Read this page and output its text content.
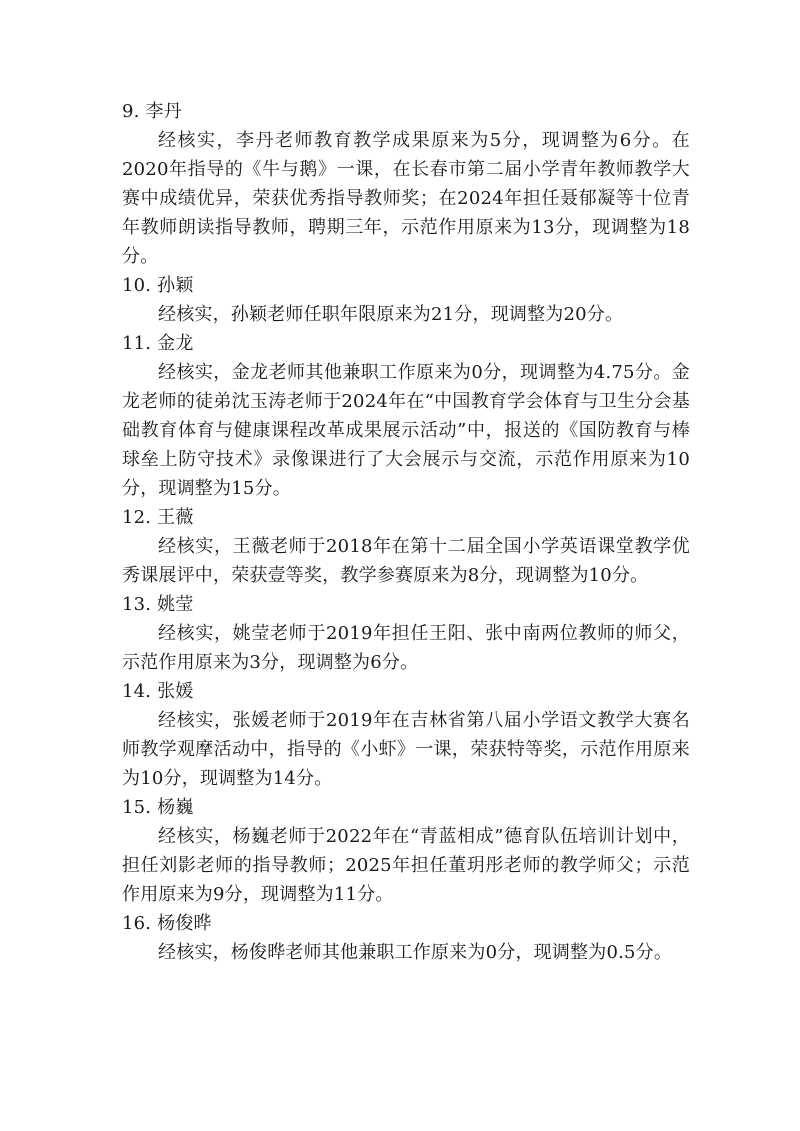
9. 李丹

经核实，李丹老师教育教学成果原来为5分，现调整为6分。在2020年指导的《牛与鹅》一课，在长春市第二届小学青年教师教学大赛中成绩优异，荣获优秀指导教师奖；在2024年担任聂郁凝等十位青年教师朗读指导教师，聘期三年，示范作用原来为13分，现调整为18分。

10. 孙颖

经核实，孙颖老师任职年限原来为21分，现调整为20分。

11. 金龙

经核实，金龙老师其他兼职工作原来为0分，现调整为4.75分。金龙老师的徒弟沈玉涛老师于2024年在“中国教育学会体育与卫生分会基础教育体育与健康课程改革成果展示活动”中，报送的《国防教育与棒球垒上防守技术》录像课进行了大会展示与交流，示范作用原来为10分，现调整为15分。

12. 王薇

经核实，王薇老师于2018年在第十二届全国小学英语课堂教学优秀课展评中，荣获壹等奖，教学参赛原来为8分，现调整为10分。

13. 姚莹

经核实，姚莹老师于2019年担任王阳、张中南两位教师的师父，示范作用原来为3分，现调整为6分。

14. 张媛

经核实，张媛老师于2019年在吉林省第八届小学语文教学大赛名师教学观摩活动中，指导的《小虾》一课，荣获特等奖，示范作用原来为10分，现调整为14分。

15. 杨巍

经核实，杨巍老师于2022年在“青蓝相成”德育队伍培训计划中，担任刘影老师的指导教师；2025年担任董玥彤老师的教学师父；示范作用原来为9分，现调整为11分。

16. 杨俊晔

经核实，杨俊晔老师其他兼职工作原来为0分，现调整为0.5分。
